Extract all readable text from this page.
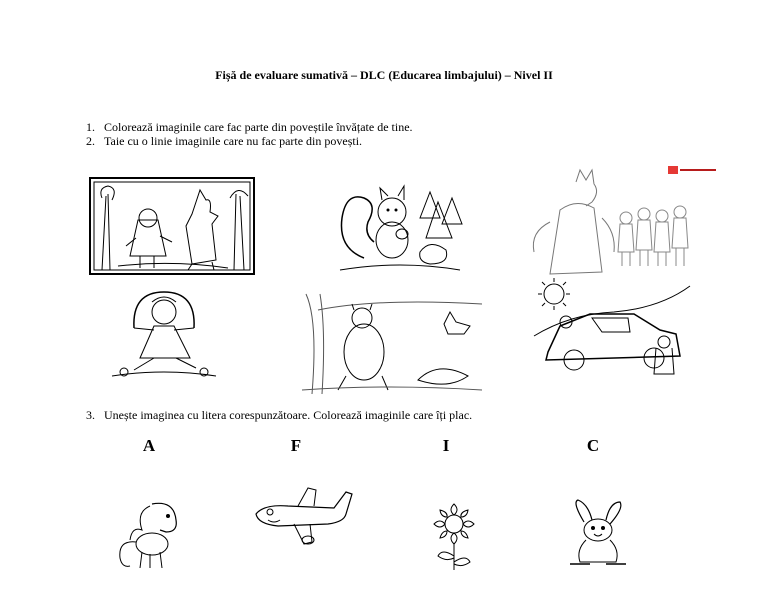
Fișă de evaluare sumativă – DLC (Educarea limbajului) – Nivel II
1. Colorează imaginile care fac parte din poveștile învățate de tine.
2. Taie cu o linie imaginile care nu fac parte din povești.
3. Unește imaginea cu litera corespunzătoare. Colorează imaginile care îți plac.
A	F	I	C
